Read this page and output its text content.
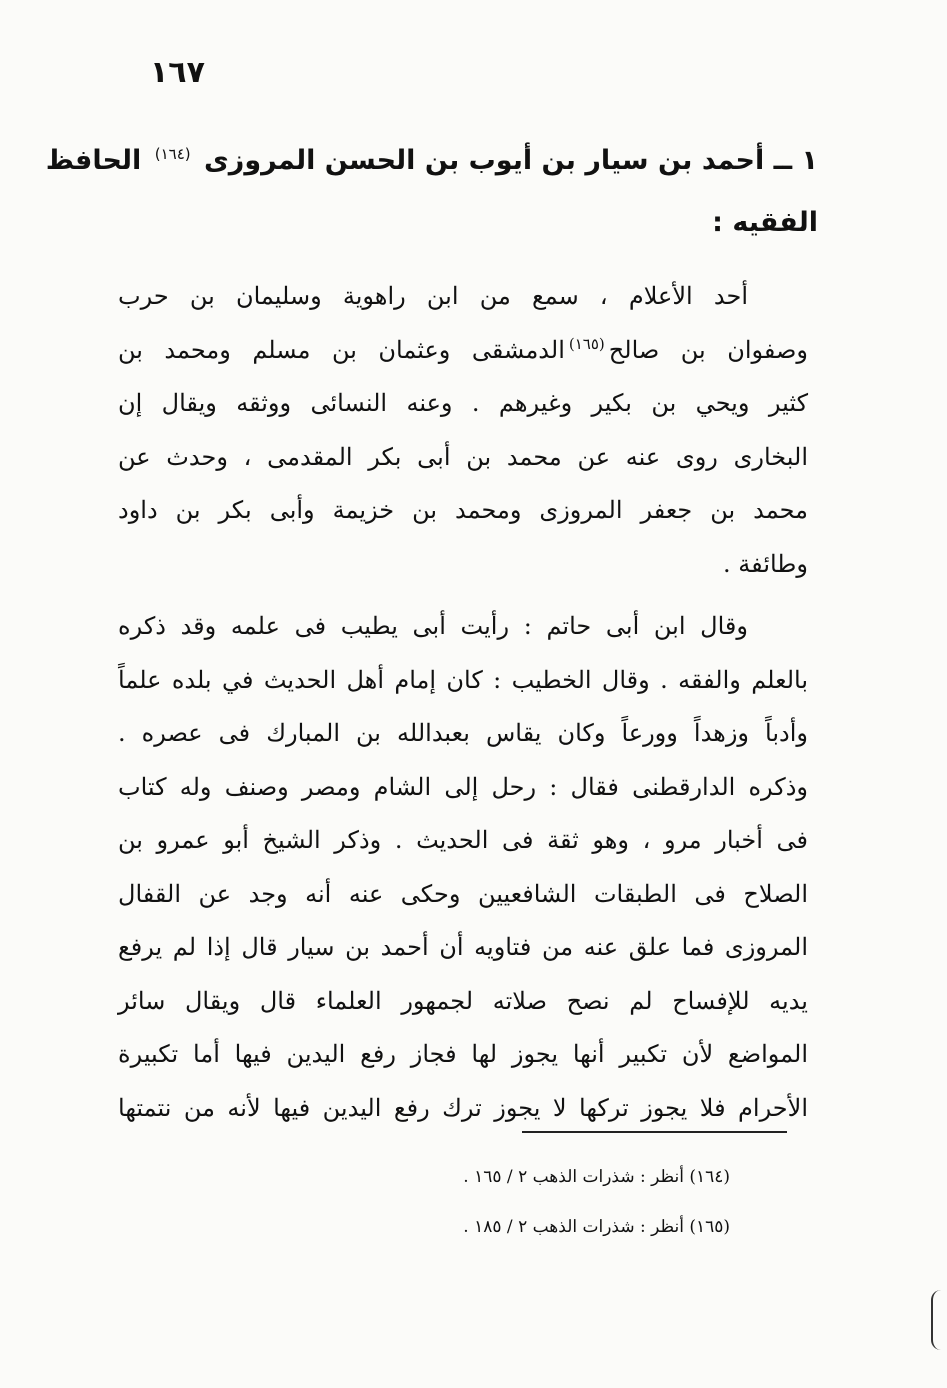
١٦٧
١ ــ أحمد بن سيار بن أيوب بن الحسن المروزى $^{(١٦٤)}$ الحافظ
الفقيه :
أحد الأعلام ، سمع من ابن راهوية وسليمان بن حرب
وصفوان بن صالح$^{(١٦٥)}$الدمشقى وعثمان بن مسلم ومحمد بن
كثير ويحي بن بكير وغيرهم . وعنه النسائى ووثقه ويقال إن
البخارى روى عنه عن محمد بن أبى بكر المقدمى ، وحدث عن
محمد بن جعفر المروزى ومحمد بن خزيمة وأبى بكر بن داود
وطائفة .
وقال ابن أبى حاتم : رأيت أبى يطيب فى علمه وقد ذكره
بالعلم والفقه . وقال الخطيب : كان إمام أهل الحديث في بلده علماً
وأدباً وزهداً وورعاً وكان يقاس بعبدالله بن المبارك فى عصره .
وذكره الدارقطنى فقال : رحل إلى الشام ومصر وصنف وله كتاب
فى أخبار مرو ، وهو ثقة فى الحديث . وذكر الشيخ أبو عمرو بن
الصلاح فى الطبقات الشافعيين وحكى عنه أنه وجد عن القفال
المروزى فما علق عنه من فتاويه أن أحمد بن سيار قال إذا لم يرفع
يديه للإفساح لم نصح صلاته لجمهور العلماء قال ويقال سائر
المواضع لأن تكبير أنها يجوز لها فجاز رفع اليدين فيها أما تكبيرة
الأحرام فلا يجوز تركها لا يجوز ترك رفع اليدين فيها لأنه من نتمتها
(١٦٤) أنظر : شذرات الذهب ٢ / ١٦٥ .
(١٦٥) أنظر : شذرات الذهب ٢ / ١٨٥ .
